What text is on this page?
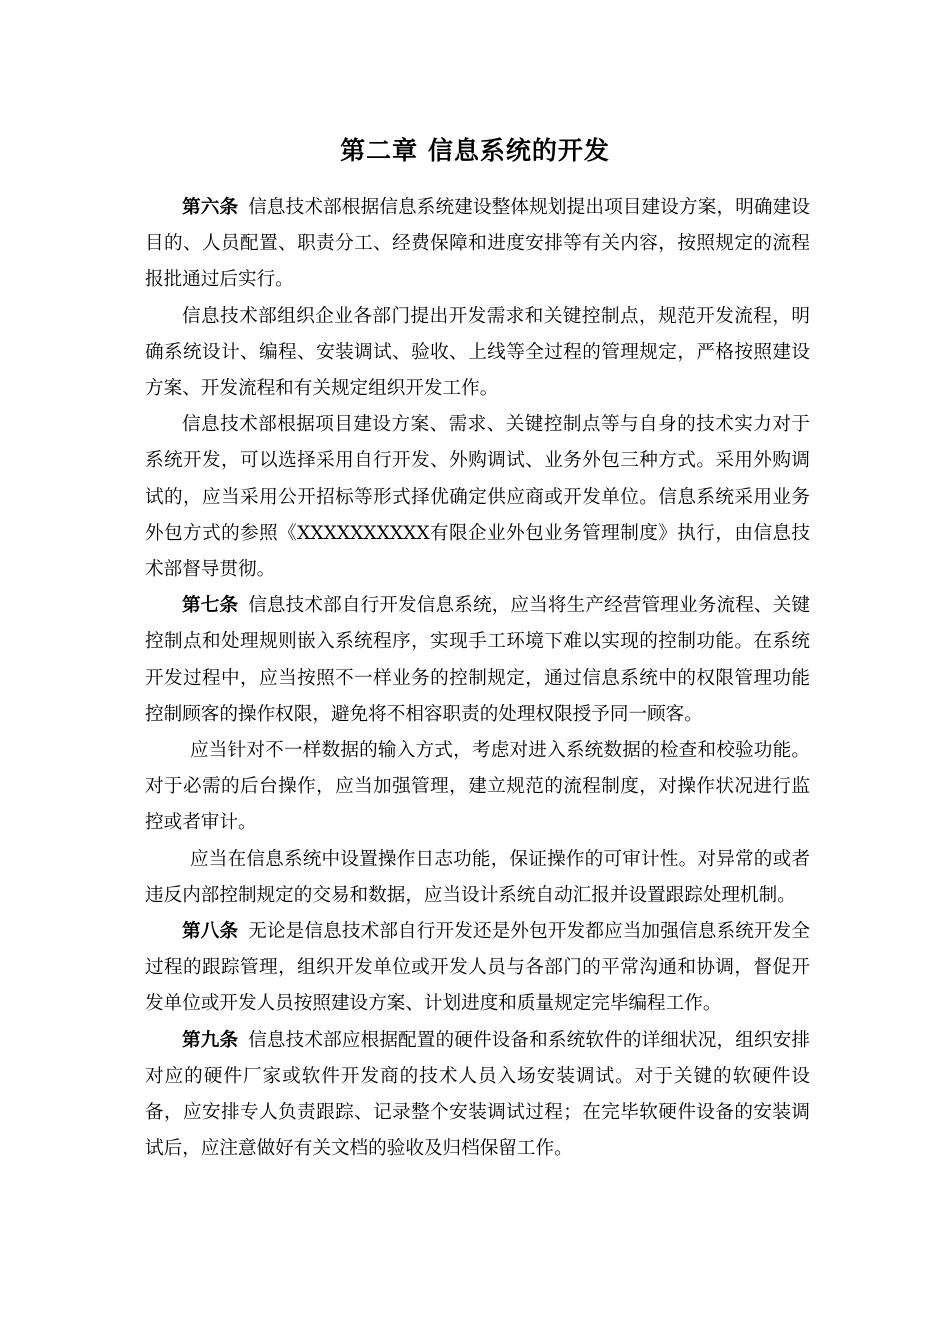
第二章 信息系统的开发

第六条 信息技术部根据信息系统建设整体规划提出项目建设方案，明确建设目的、人员配置、职责分工、经费保障和进度安排等有关内容，按照规定的流程报批通过后实行。

信息技术部组织企业各部门提出开发需求和关键控制点，规范开发流程，明确系统设计、编程、安装调试、验收、上线等全过程的管理规定，严格按照建设方案、开发流程和有关规定组织开发工作。

信息技术部根据项目建设方案、需求、关键控制点等与自身的技术实力对于系统开发，可以选择采用自行开发、外购调试、业务外包三种方式。采用外购调试的，应当采用公开招标等形式择优确定供应商或开发单位。信息系统采用业务外包方式的参照《XXXXXXXXXX有限企业外包业务管理制度》执行，由信息技术部督导贯彻。

第七条 信息技术部自行开发信息系统，应当将生产经营管理业务流程、关键控制点和处理规则嵌入系统程序，实现手工环境下难以实现的控制功能。在系统开发过程中，应当按照不一样业务的控制规定，通过信息系统中的权限管理功能控制顾客的操作权限，避免将不相容职责的处理权限授予同一顾客。

应当针对不一样数据的输入方式，考虑对进入系统数据的检查和校验功能。对于必需的后台操作，应当加强管理，建立规范的流程制度，对操作状况进行监控或者审计。

应当在信息系统中设置操作日志功能，保证操作的可审计性。对异常的或者违反内部控制规定的交易和数据，应当设计系统自动汇报并设置跟踪处理机制。

第八条 无论是信息技术部自行开发还是外包开发都应当加强信息系统开发全过程的跟踪管理，组织开发单位或开发人员与各部门的平常沟通和协调，督促开发单位或开发人员按照建设方案、计划进度和质量规定完毕编程工作。

第九条 信息技术部应根据配置的硬件设备和系统软件的详细状况，组织安排对应的硬件厂家或软件开发商的技术人员入场安装调试。对于关键的软硬件设备，应安排专人负责跟踪、记录整个安装调试过程；在完毕软硬件设备的安装调试后，应注意做好有关文档的验收及归档保留工作。
